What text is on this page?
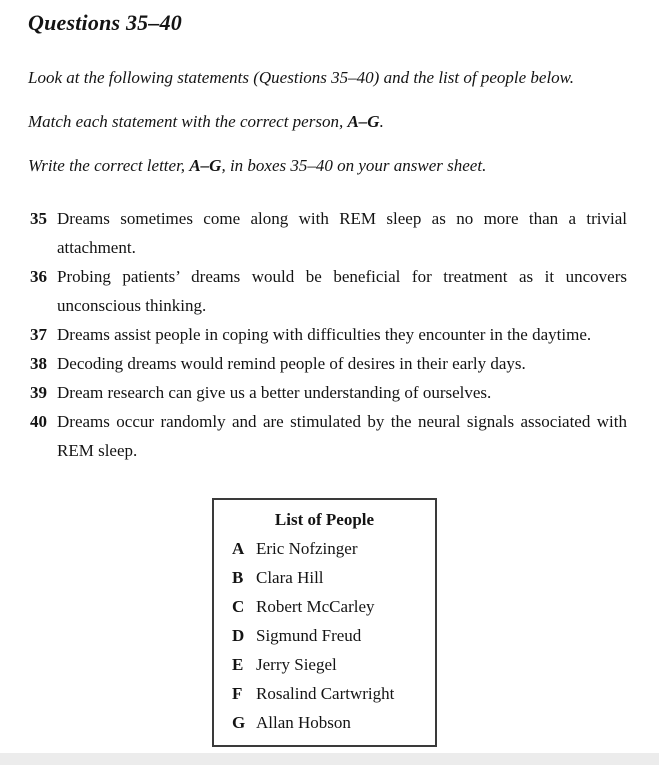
Questions 35–40

Look at the following statements (Questions 35–40) and the list of people below.

Match each statement with the correct person, A–G.

Write the correct letter, A–G, in boxes 35–40 on your answer sheet.

35 Dreams sometimes come along with REM sleep as no more than a trivial attachment.
36 Probing patients’ dreams would be beneficial for treatment as it uncovers unconscious thinking.
37 Dreams assist people in coping with difficulties they encounter in the daytime.
38 Decoding dreams would remind people of desires in their early days.
39 Dream research can give us a better understanding of ourselves.
40 Dreams occur randomly and are stimulated by the neural signals associated with REM sleep.
List of People
A Eric Nofzinger
B Clara Hill
C Robert McCarley
D Sigmund Freud
E Jerry Siegel
F Rosalind Cartwright
G Allan Hobson
